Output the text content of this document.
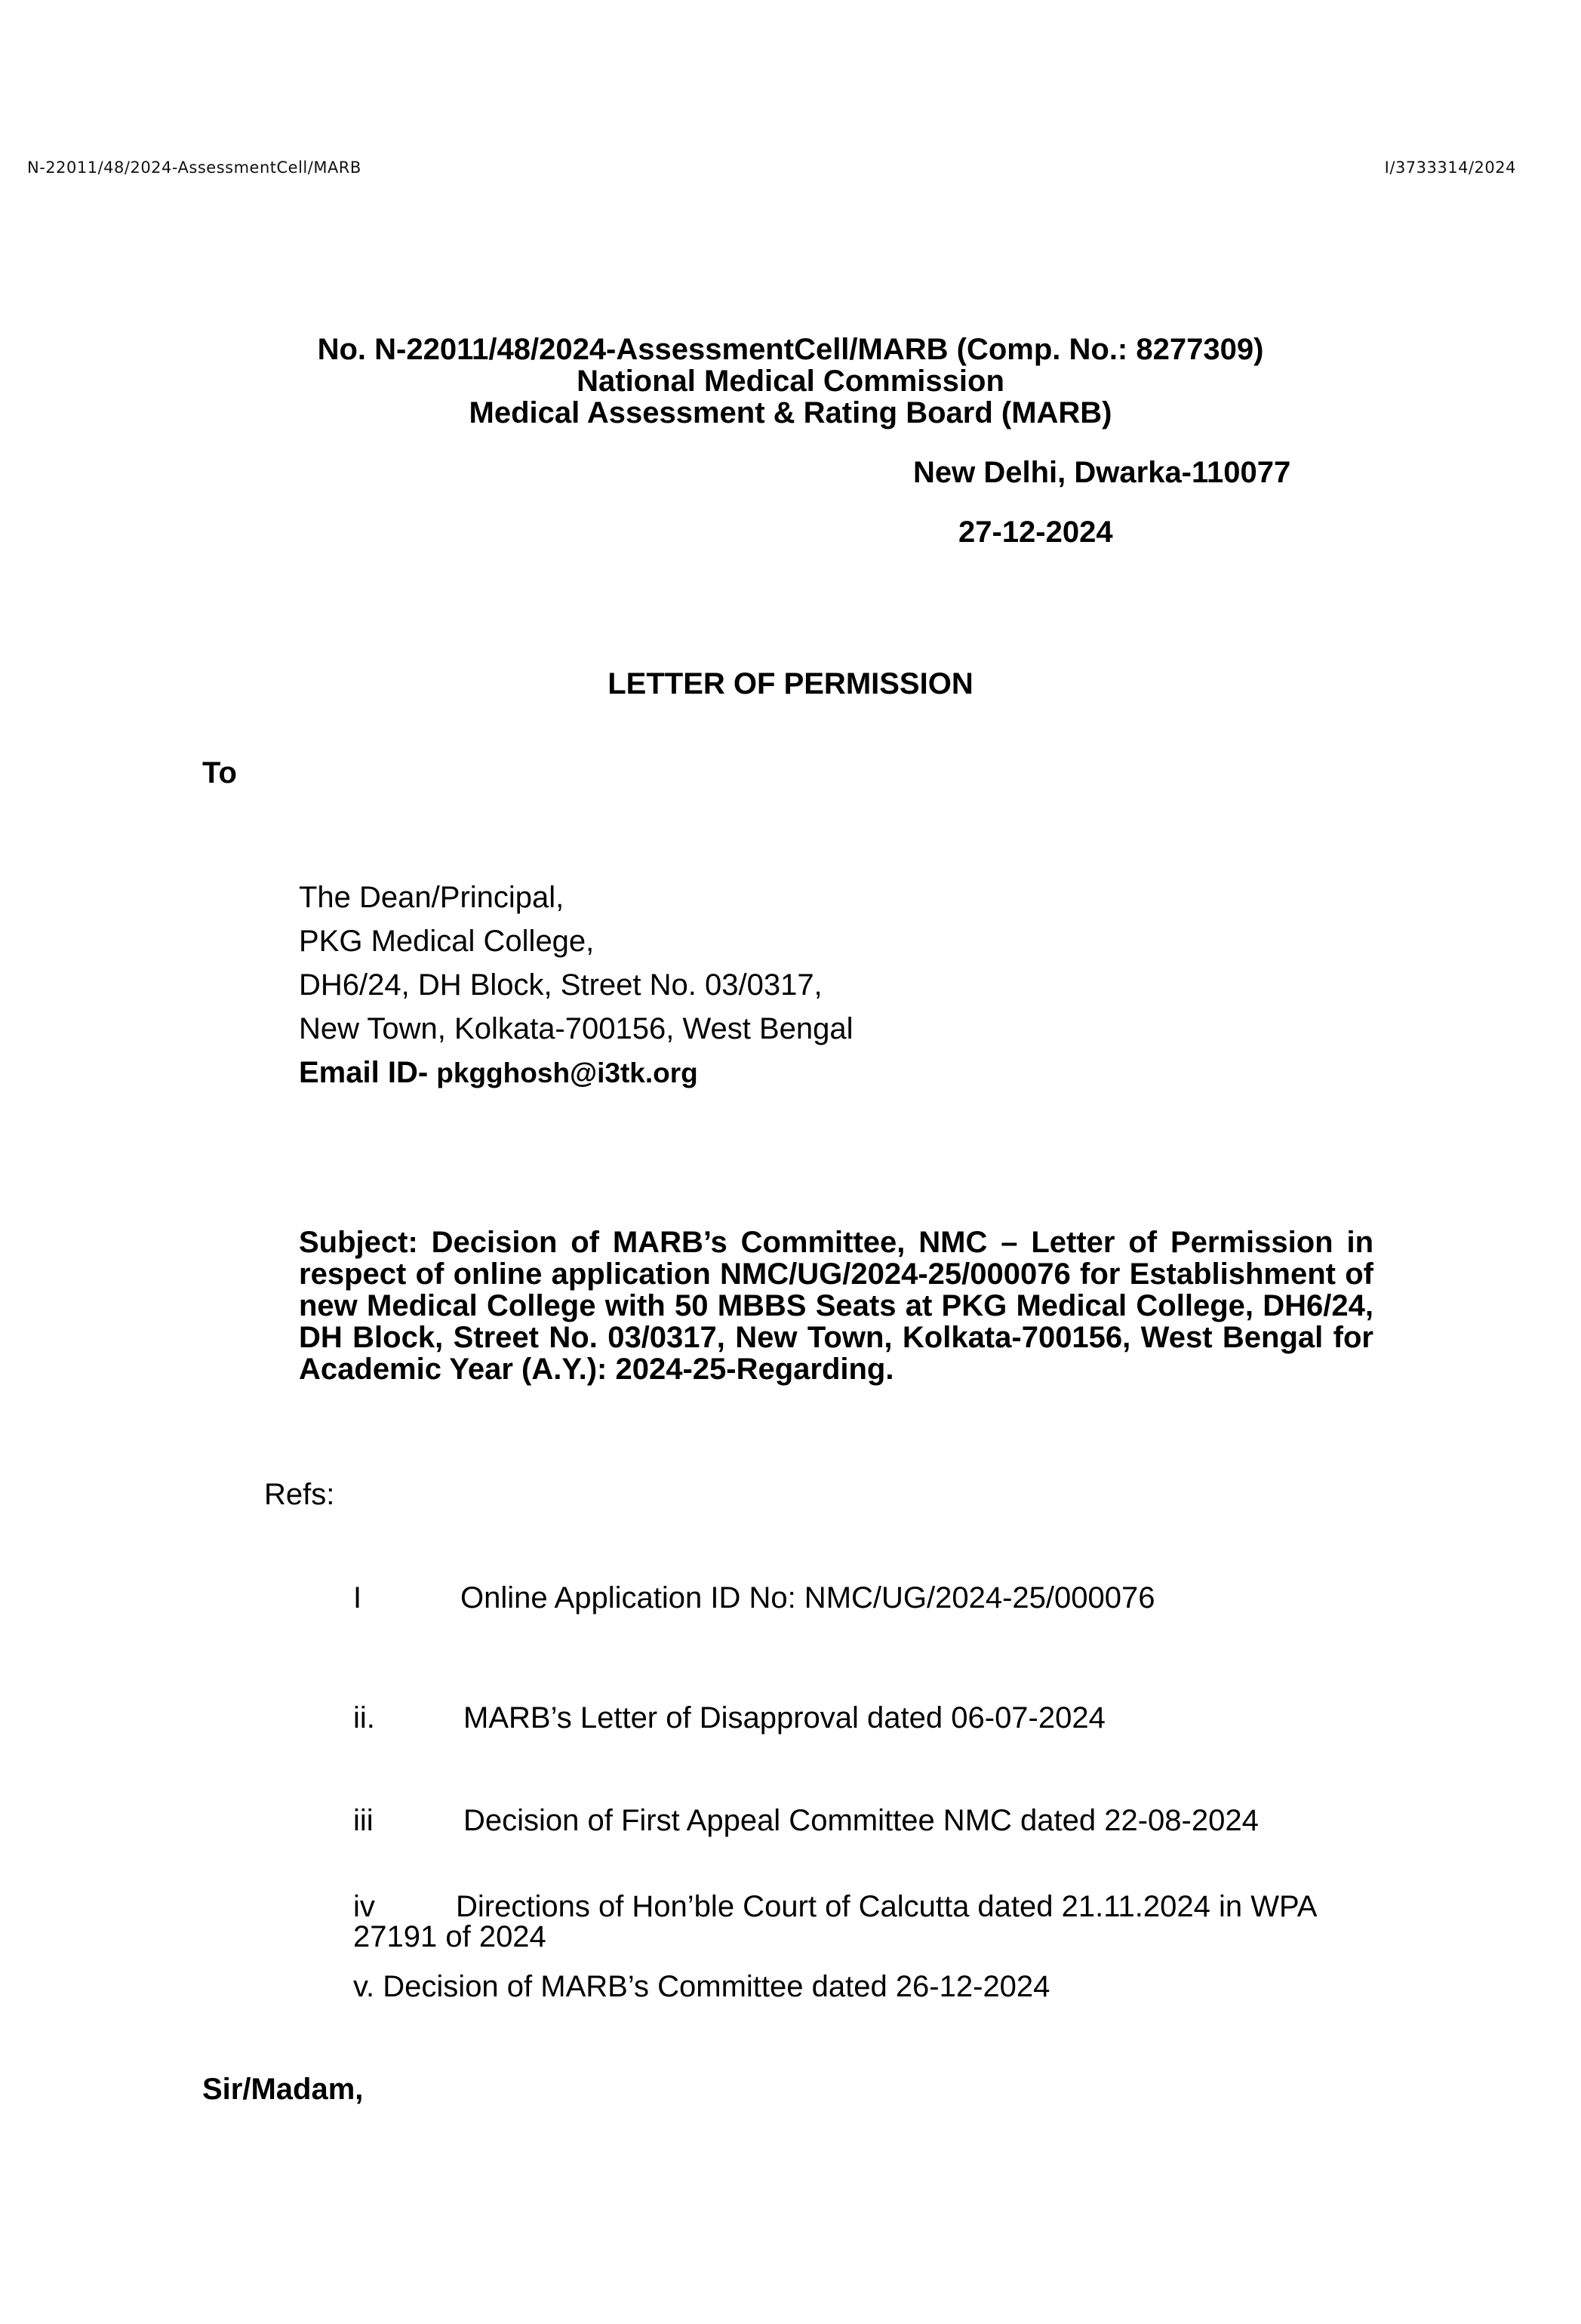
N-22011/48/2024-AssessmentCell/MARB	I/3733314/2024
No. N-22011/48/2024-AssessmentCell/MARB (Comp. No.: 8277309)
National Medical Commission
Medical Assessment & Rating Board (MARB)
New Delhi, Dwarka-110077
27-12-2024
LETTER OF PERMISSION
To
The Dean/Principal,
PKG Medical College,
DH6/24, DH Block, Street No. 03/0317,
New Town, Kolkata-700156, West Bengal
Email ID- pkgghosh@i3tk.org
Subject: Decision of MARB’s Committee, NMC – Letter of Permission in respect of online application NMC/UG/2024-25/000076 for Establishment of new Medical College with 50 MBBS Seats at PKG Medical College, DH6/24, DH Block, Street No. 03/0317, New Town, Kolkata-700156, West Bengal for Academic Year (A.Y.): 2024-25-Regarding.
Refs:
I	Online Application ID No: NMC/UG/2024-25/000076
ii.	MARB’s Letter of Disapproval dated 06-07-2024
iii	Decision of First Appeal Committee NMC dated 22-08-2024
iv	Directions of Hon’ble Court of Calcutta dated 21.11.2024 in WPA 27191 of 2024
v. Decision of MARB’s Committee dated 26-12-2024
Sir/Madam,
